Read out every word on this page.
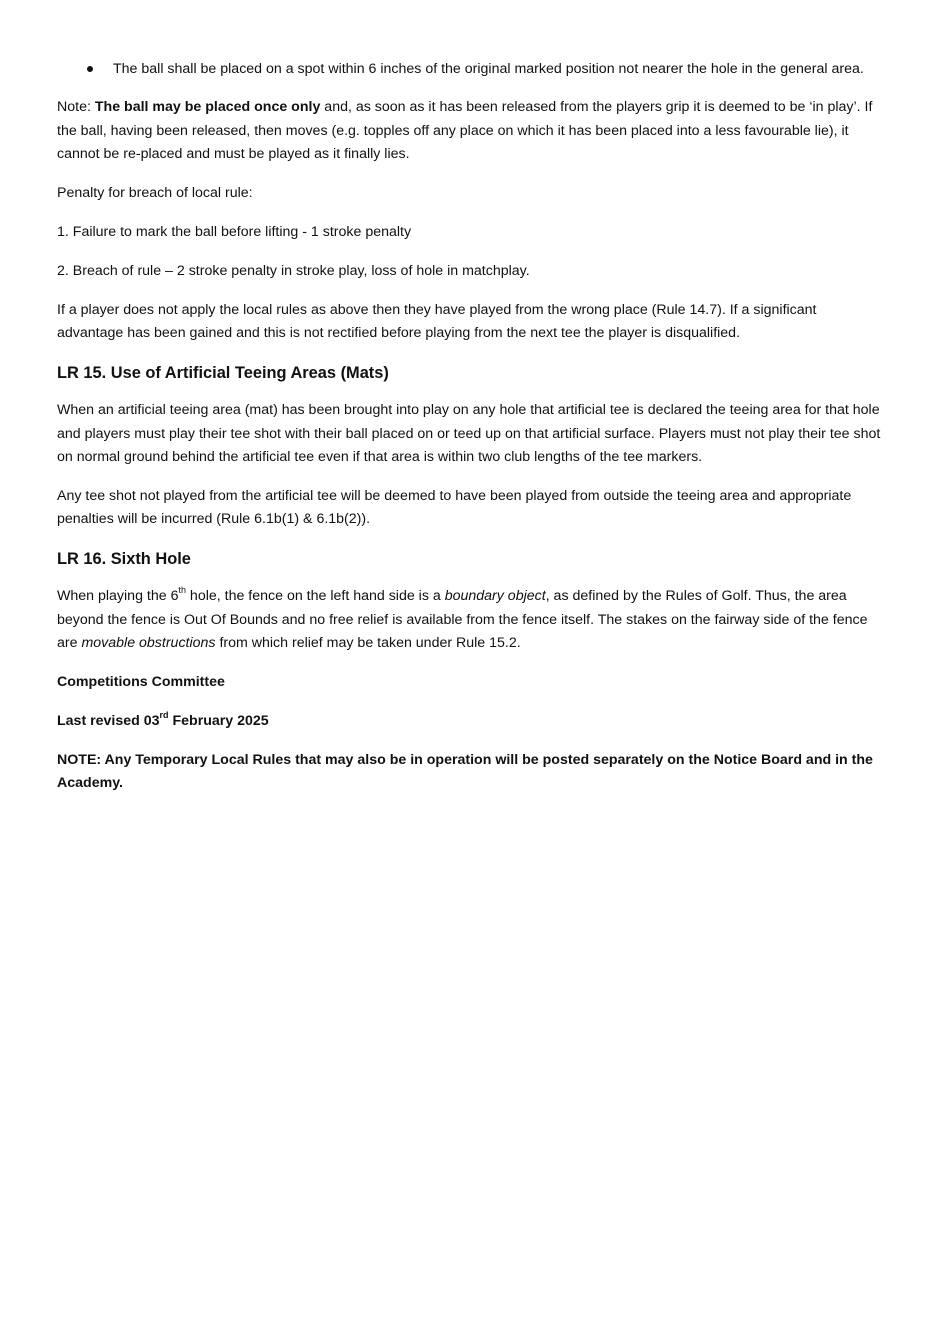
The ball shall be placed on a spot within 6 inches of the original marked position not nearer the hole in the general area.

Note: The ball may be placed once only and, as soon as it has been released from the players grip it is deemed to be ‘in play’. If the ball, having been released, then moves (e.g. topples off any place on which it has been placed into a less favourable lie), it cannot be re-placed and must be played as it finally lies.

Penalty for breach of local rule:

1. Failure to mark the ball before lifting - 1 stroke penalty

2. Breach of rule – 2 stroke penalty in stroke play, loss of hole in matchplay.

If a player does not apply the local rules as above then they have played from the wrong place (Rule 14.7). If a significant advantage has been gained and this is not rectified before playing from the next tee the player is disqualified.

LR 15. Use of Artificial Teeing Areas (Mats)

When an artificial teeing area (mat) has been brought into play on any hole that artificial tee is declared the teeing area for that hole and players must play their tee shot with their ball placed on or teed up on that artificial surface. Players must not play their tee shot on normal ground behind the artificial tee even if that area is within two club lengths of the tee markers.

Any tee shot not played from the artificial tee will be deemed to have been played from outside the teeing area and appropriate penalties will be incurred (Rule 6.1b(1) & 6.1b(2)).

LR 16. Sixth Hole

When playing the 6th hole, the fence on the left hand side is a boundary object, as defined by the Rules of Golf. Thus, the area beyond the fence is Out Of Bounds and no free relief is available from the fence itself. The stakes on the fairway side of the fence are movable obstructions from which relief may be taken under Rule 15.2.

Competitions Committee

Last revised 03rd February 2025

NOTE: Any Temporary Local Rules that may also be in operation will be posted separately on the Notice Board and in the Academy.
